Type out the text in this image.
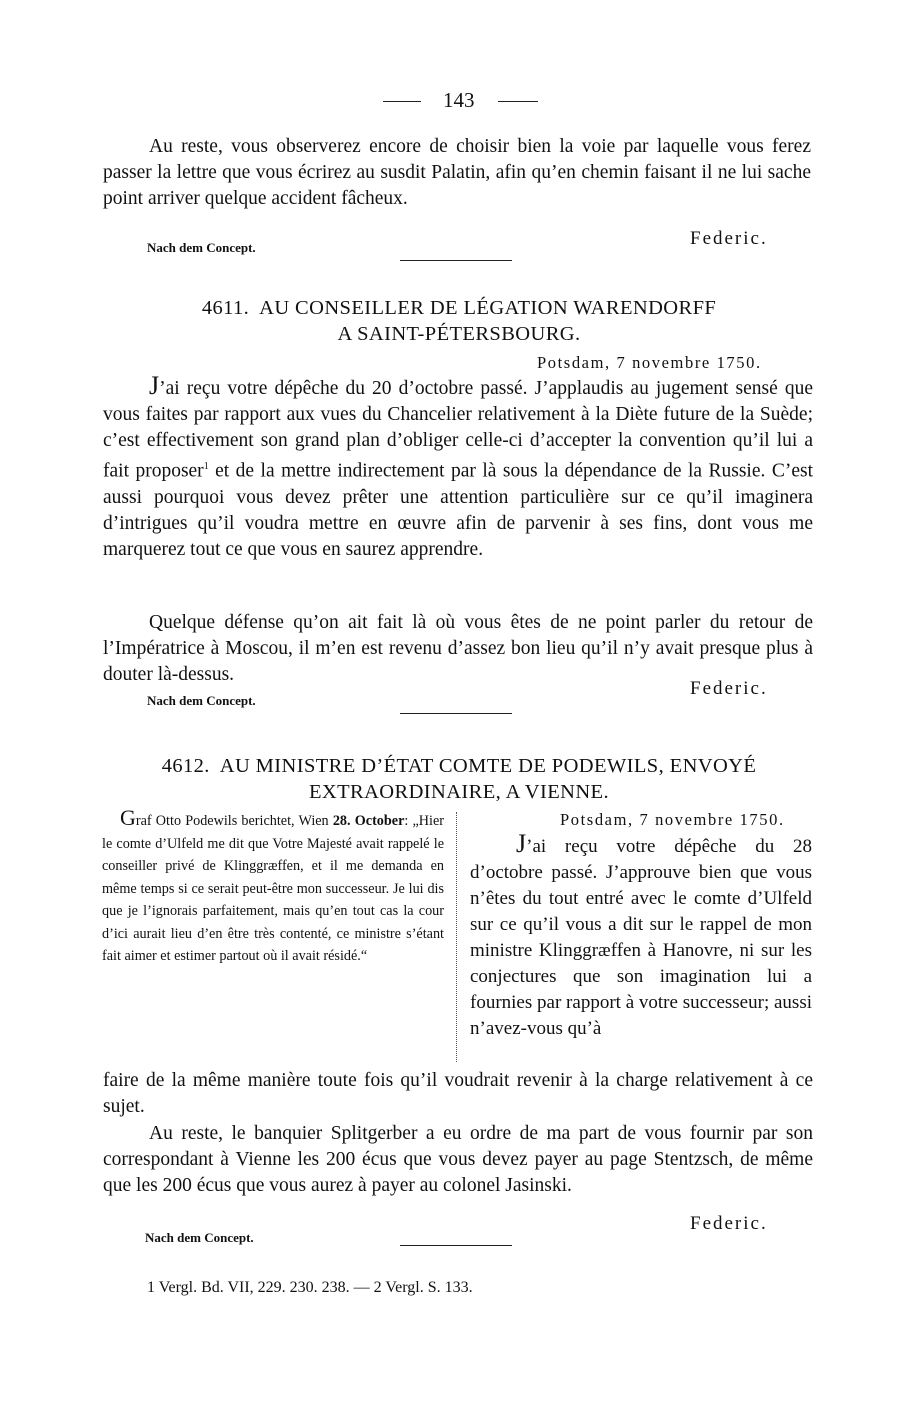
143
Au reste, vous observerez encore de choisir bien la voie par laquelle vous ferez passer la lettre que vous écrirez au susdit Palatin, afin qu’en chemin faisant il ne lui sache point arriver quelque accident fâcheux.
Nach dem Concept.	Federic.
4611. AU CONSEILLER DE LÉGATION WARENDORFF
A SAINT-PÉTERSBOURG.
Potsdam, 7 novembre 1750.
J’ai reçu votre dépêche du 20 d’octobre passé. J’applaudis au jugement sensé que vous faites par rapport aux vues du Chancelier relativement à la Diète future de la Suède; c’est effectivement son grand plan d’obliger celle-ci d’accepter la convention qu’il lui a fait proposer$^1$ et de la mettre indirectement par là sous la dépendance de la Russie. C’est aussi pourquoi vous devez prêter une attention particulière sur ce qu’il imaginera d’intrigues qu’il voudra mettre en œuvre afin de parvenir à ses fins, dont vous me marquerez tout ce que vous en saurez apprendre.
Quelque défense qu’on ait fait là où vous êtes de ne point parler du retour de l’Impératrice à Moscou, il m’en est revenu d’assez bon lieu qu’il n’y avait presque plus à douter là-dessus.
Nach dem Concept.
Federic.
4612. AU MINISTRE D’ÉTAT COMTE DE PODEWILS, ENVOYÉ
EXTRAORDINAIRE, A VIENNE.
Graf Otto Podewils berichtet, Wien 28. October: „Hier le comte d’Ulfeld me dit que Votre Majesté avait rappelé le conseiller privé de Klinggræffen, et il me demanda en même temps si ce serait peut-être mon successeur. Je lui dis que je l’ignorais parfaitement, mais qu’en tout cas la cour d’ici aurait lieu d’en être très contenté, ce ministre s’étant fait aimer et estimer partout où il avait résidé.“
Potsdam, 7 novembre 1750.
J’ai reçu votre dépêche du 28 d’octobre passé. J’approuve bien que vous n’êtes du tout entré avec le comte d’Ulfeld sur ce qu’il vous a dit sur le rappel de mon ministre Klinggræffen à Hanovre, ni sur les conjectures que son imagination lui a fournies par rapport à votre successeur; aussi n’avez-vous qu’à
faire de la même manière toute fois qu’il voudrait revenir à la charge relativement à ce sujet.
Au reste, le banquier Splitgerber a eu ordre de ma part de vous fournir par son correspondant à Vienne les 200 écus que vous devez payer au page Stentzsch, de même que les 200 écus que vous aurez à payer au colonel Jasinski.
Nach dem Concept.
Federic.
1 Vergl. Bd. VII, 229. 230. 238. — 2 Vergl. S. 133.
